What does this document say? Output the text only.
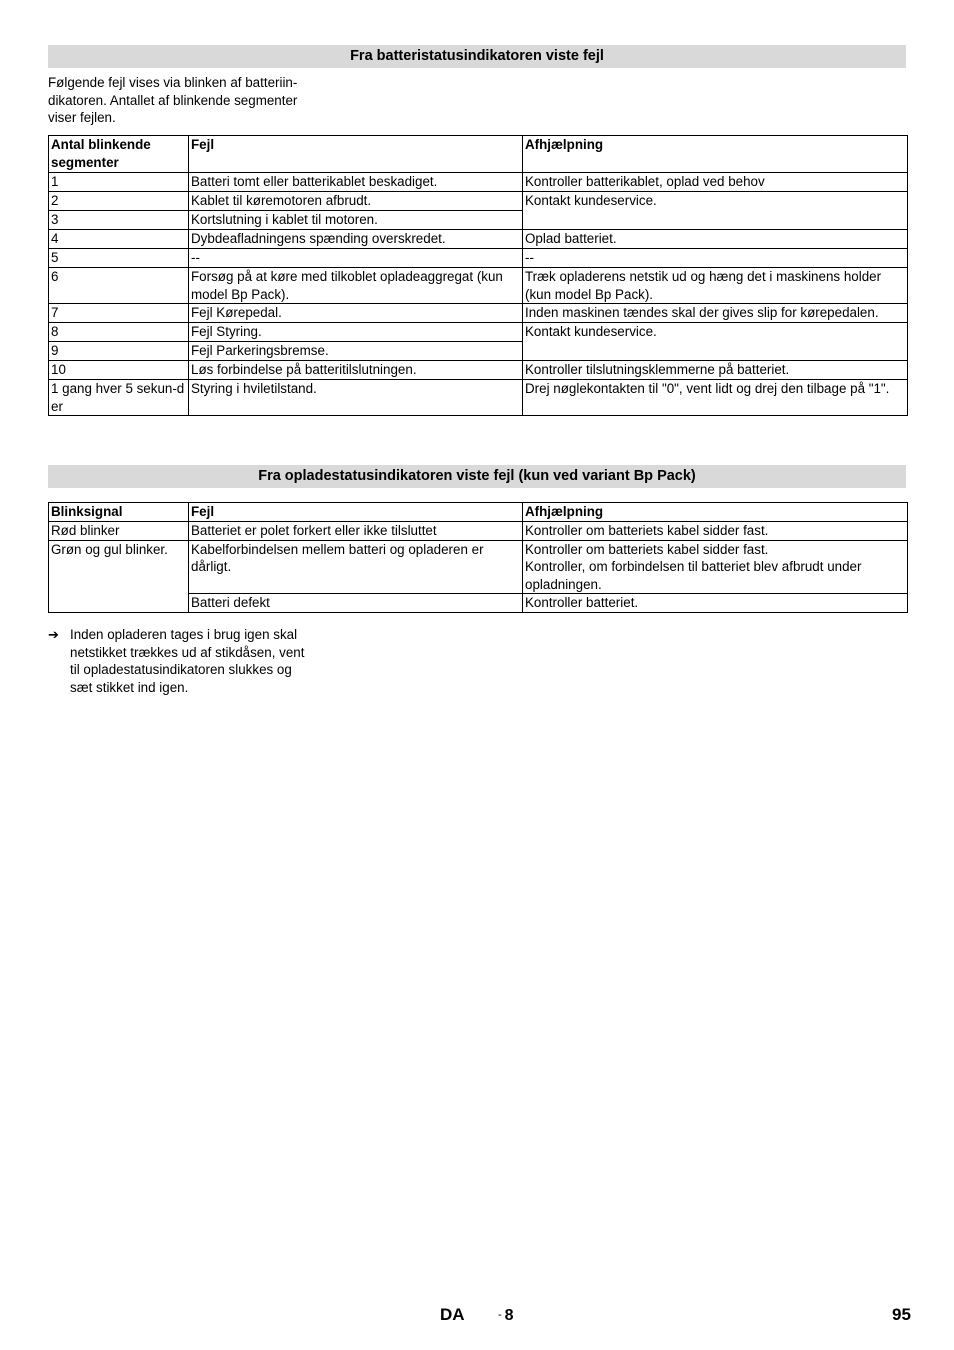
Fra batteristatusindikatoren viste fejl

Følgende fejl vises via blinken af batteriin-
dikatoren. Antallet af blinkende segmenter
viser fejlen.

Antal blinkende segmenter	Fejl	Afhjælpning
1	Batteri tomt eller batterikablet beskadiget.	Kontroller batterikablet, oplad ved behov
2	Kablet til køremotoren afbrudt.	Kontakt kundeservice.
3	Kortslutning i kablet til motoren.	
4	Dybdeafladningens spænding overskredet.	Oplad batteriet.
5	--	--
6	Forsøg på at køre med tilkoblet opladeaggregat (kun model Bp Pack).	Træk opladerens netstik ud og hæng det i maskinens holder (kun model Bp Pack).
7	Fejl Kørepedal.	Inden maskinen tændes skal der gives slip for kørepedalen.
8	Fejl Styring.	Kontakt kundeservice.
9	Fejl Parkeringsbremse.	
10	Løs forbindelse på batteritilslutningen.	Kontroller tilslutningsklemmerne på batteriet.
1 gang hver 5 sekun-der	Styring i hviletilstand.	Drej nøglekontakten til "0", vent lidt og drej den tilbage på "1".
Fra opladestatusindikatoren viste fejl (kun ved variant Bp Pack)
Blinksignal	Fejl	Afhjælpning
Rød blinker	Batteriet er polet forkert eller ikke tilsluttet	Kontroller om batteriets kabel sidder fast.
Grøn og gul blinker.	Kabelforbindelsen mellem batteri og opladeren er dårligt.	Kontroller om batteriets kabel sidder fast.
Kontroller, om forbindelsen til batteriet blev afbrudt under opladningen.
	Batteri defekt	Kontroller batteriet.
➔ Inden opladeren tages i brug igen skal
netstikket trækkes ud af stikdåsen, vent
til opladestatusindikatoren slukkes og
sæt stikket ind igen.
DA	- 8	95
